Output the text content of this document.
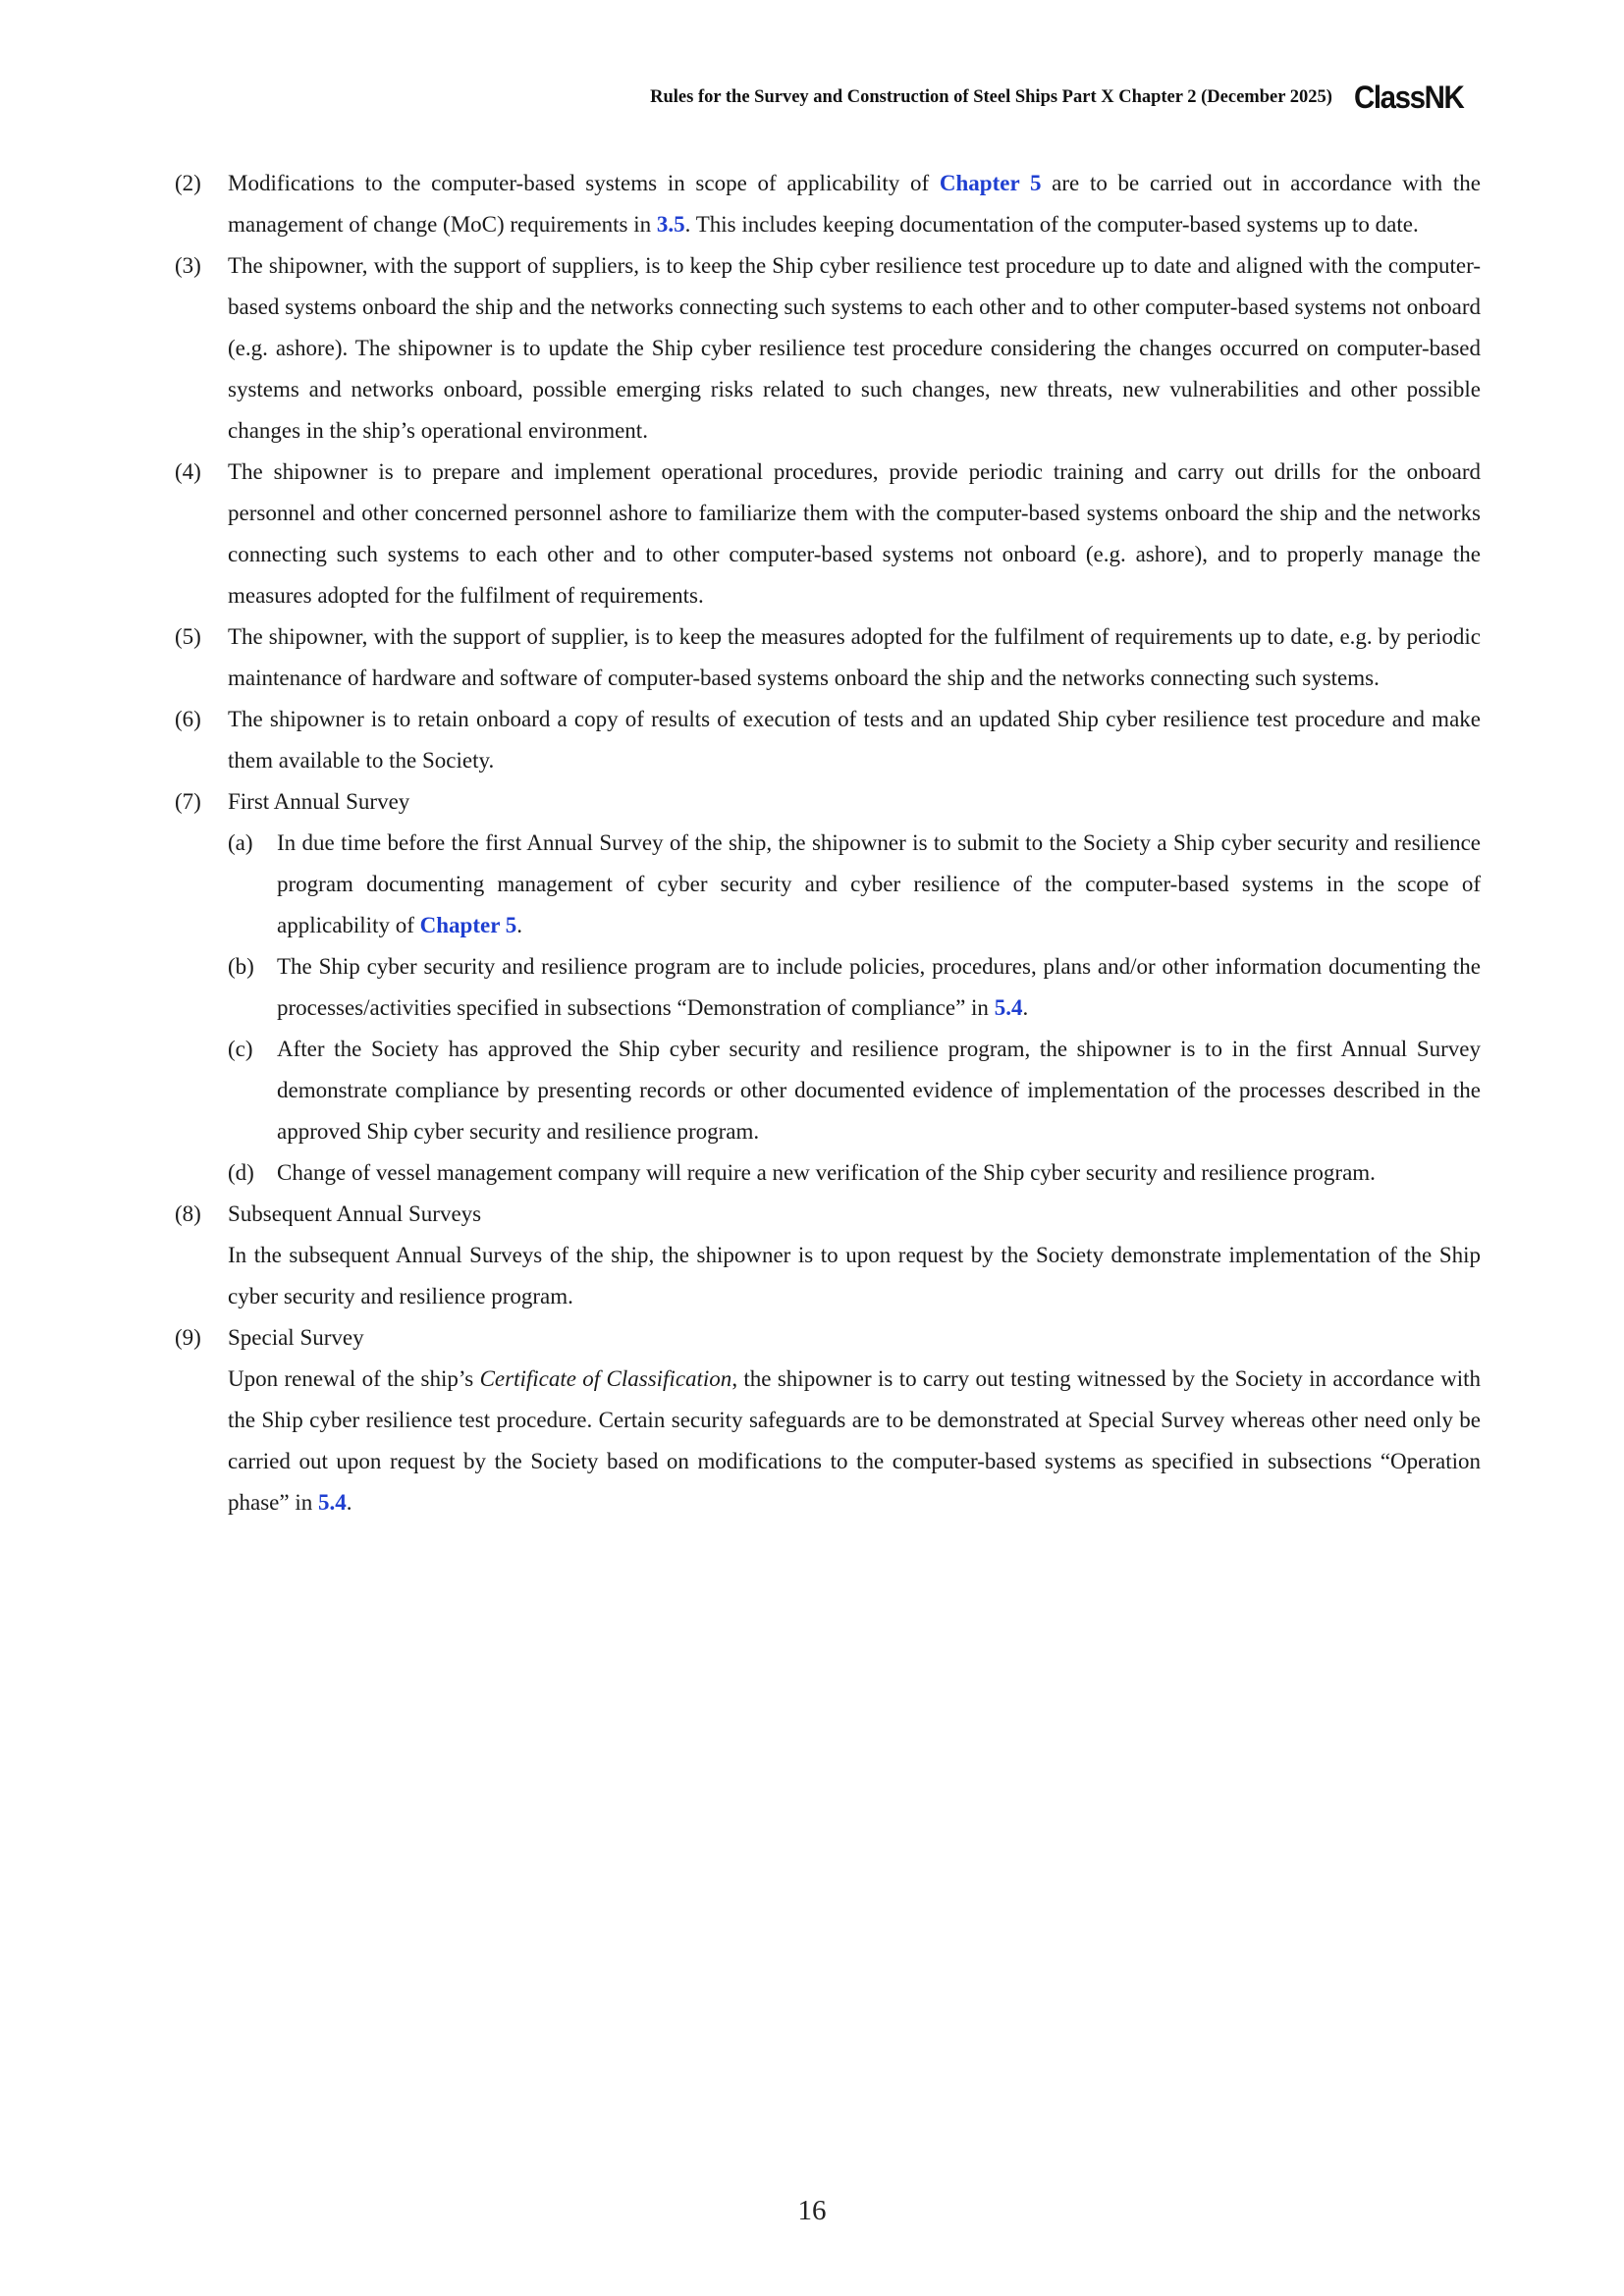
Rules for the Survey and Construction of Steel Ships Part X Chapter 2 (December 2025) ClassNK
(2)	Modifications to the computer-based systems in scope of applicability of Chapter 5 are to be carried out in accordance with the management of change (MoC) requirements in 3.5. This includes keeping documentation of the computer-based systems up to date.
(3)	The shipowner, with the support of suppliers, is to keep the Ship cyber resilience test procedure up to date and aligned with the computer-based systems onboard the ship and the networks connecting such systems to each other and to other computer-based systems not onboard (e.g. ashore). The shipowner is to update the Ship cyber resilience test procedure considering the changes occurred on computer-based systems and networks onboard, possible emerging risks related to such changes, new threats, new vulnerabilities and other possible changes in the ship’s operational environment.
(4)	The shipowner is to prepare and implement operational procedures, provide periodic training and carry out drills for the onboard personnel and other concerned personnel ashore to familiarize them with the computer-based systems onboard the ship and the networks connecting such systems to each other and to other computer-based systems not onboard (e.g. ashore), and to properly manage the measures adopted for the fulfilment of requirements.
(5)	The shipowner, with the support of supplier, is to keep the measures adopted for the fulfilment of requirements up to date, e.g. by periodic maintenance of hardware and software of computer-based systems onboard the ship and the networks connecting such systems.
(6)	The shipowner is to retain onboard a copy of results of execution of tests and an updated Ship cyber resilience test procedure and make them available to the Society.
(7)	First Annual Survey
(a)	In due time before the first Annual Survey of the ship, the shipowner is to submit to the Society a Ship cyber security and resilience program documenting management of cyber security and cyber resilience of the computer-based systems in the scope of applicability of Chapter 5.
(b)	The Ship cyber security and resilience program are to include policies, procedures, plans and/or other information documenting the processes/activities specified in subsections “Demonstration of compliance” in 5.4.
(c)	After the Society has approved the Ship cyber security and resilience program, the shipowner is to in the first Annual Survey demonstrate compliance by presenting records or other documented evidence of implementation of the processes described in the approved Ship cyber security and resilience program.
(d)	Change of vessel management company will require a new verification of the Ship cyber security and resilience program.
(8)	Subsequent Annual Surveys
In the subsequent Annual Surveys of the ship, the shipowner is to upon request by the Society demonstrate implementation of the Ship cyber security and resilience program.
(9)	Special Survey
Upon renewal of the ship’s Certificate of Classification, the shipowner is to carry out testing witnessed by the Society in accordance with the Ship cyber resilience test procedure. Certain security safeguards are to be demonstrated at Special Survey whereas other need only be carried out upon request by the Society based on modifications to the computer-based systems as specified in subsections “Operation phase” in 5.4.
16
